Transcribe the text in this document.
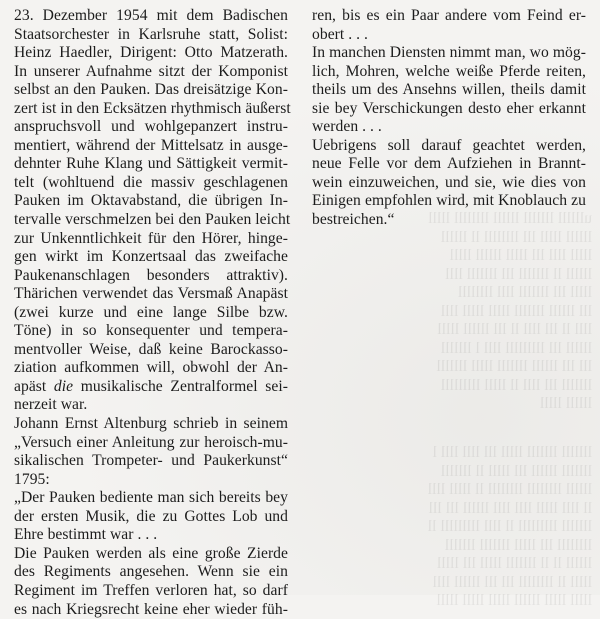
23. Dezember 1954 mit dem Badischen
Staatsorchester in Karlsruhe statt, Solist:
Heinz Haedler, Dirigent: Otto Matzerath.
In unserer Aufnahme sitzt der Komponist
selbst an den Pauken. Das dreisätzige Kon-
zert ist in den Ecksätzen rhythmisch äußerst
anspruchsvoll und wohlgepanzert instru-
mentiert, während der Mittelsatz in ausge-
dehnter Ruhe Klang und Sättigkeit vermit-
telt (wohltuend die massiv geschlagenen
Pauken im Oktavabstand, die übrigen In-
tervalle verschmelzen bei den Pauken leicht
zur Unkenntlichkeit für den Hörer, hinge-
gen wirkt im Konzertsaal das zweifache
Paukenanschlagen besonders attraktiv).
Thärichen verwendet das Versmaß Anapäst
(zwei kurze und eine lange Silbe bzw.
Töne) in so konsequenter und tempera-
mentvoller Weise, daß keine Barockasso-
ziation aufkommen will, obwohl der An-
apäst die musikalische Zentralformel sei-
nerzeit war.
Johann Ernst Altenburg schrieb in seinem
„Versuch einer Anleitung zur heroisch-mu-
sikalischen Trompeter- und Paukerkunst“
1795:
„Der Pauken bediente man sich bereits bey
der ersten Musik, die zu Gottes Lob und
Ehre bestimmt war . . .
Die Pauken werden als eine große Zierde
des Regiments angesehen. Wenn sie ein
Regiment im Treffen verloren hat, so darf
es nach Kriegsrecht keine eher wieder füh-
ren, bis es ein Paar andere vom Feind er-
obert . . .
In manchen Diensten nimmt man, wo mög-
lich, Mohren, welche weiße Pferde reiten,
theils um des Ansehns willen, theils damit
sie bey Verschickungen desto eher erkannt
werden . . .
Uebrigens soll darauf geachtet werden,
neue Felle vor dem Aufziehen in Brannt-
wein einzuweichen, und sie, wie dies von
Einigen empfohlen wird, mit Knoblauch zu
bestreichen.“	ullllll lllllll llllll llllllll lllll
llllll lllll lll llllllll ll llllll
lllll llll lll lllll llllll lllll
llllll ll lllllll lll lllllll llll
lllll lll lllllll llll llllllll
lll llllll lllllll lllll lllll llll
llll ll lll llll ll lll llllll lllll
llllll lll lllllllll llll l lllllll
lll lll llllll lllllll lllll lllllll
lllllll lll llll ll lllll lllllllll
llllll lllll
lllllll lllllll lllll lll llll llll l
lllllll llllll lll lllll ll lllllll
llllll llllllll llllllll ll lllll llll
ll llll lllll llll llll llllll lll lll
lllllll lllllllll ll llll lllllllll ll
llllllll lll lllll lllllll lllllll
llllll ll ll lllllll lllll lll lllll
lllll ll llllllll lll lll llllll llll
lllll lllll llllll lllll lllll lllll
